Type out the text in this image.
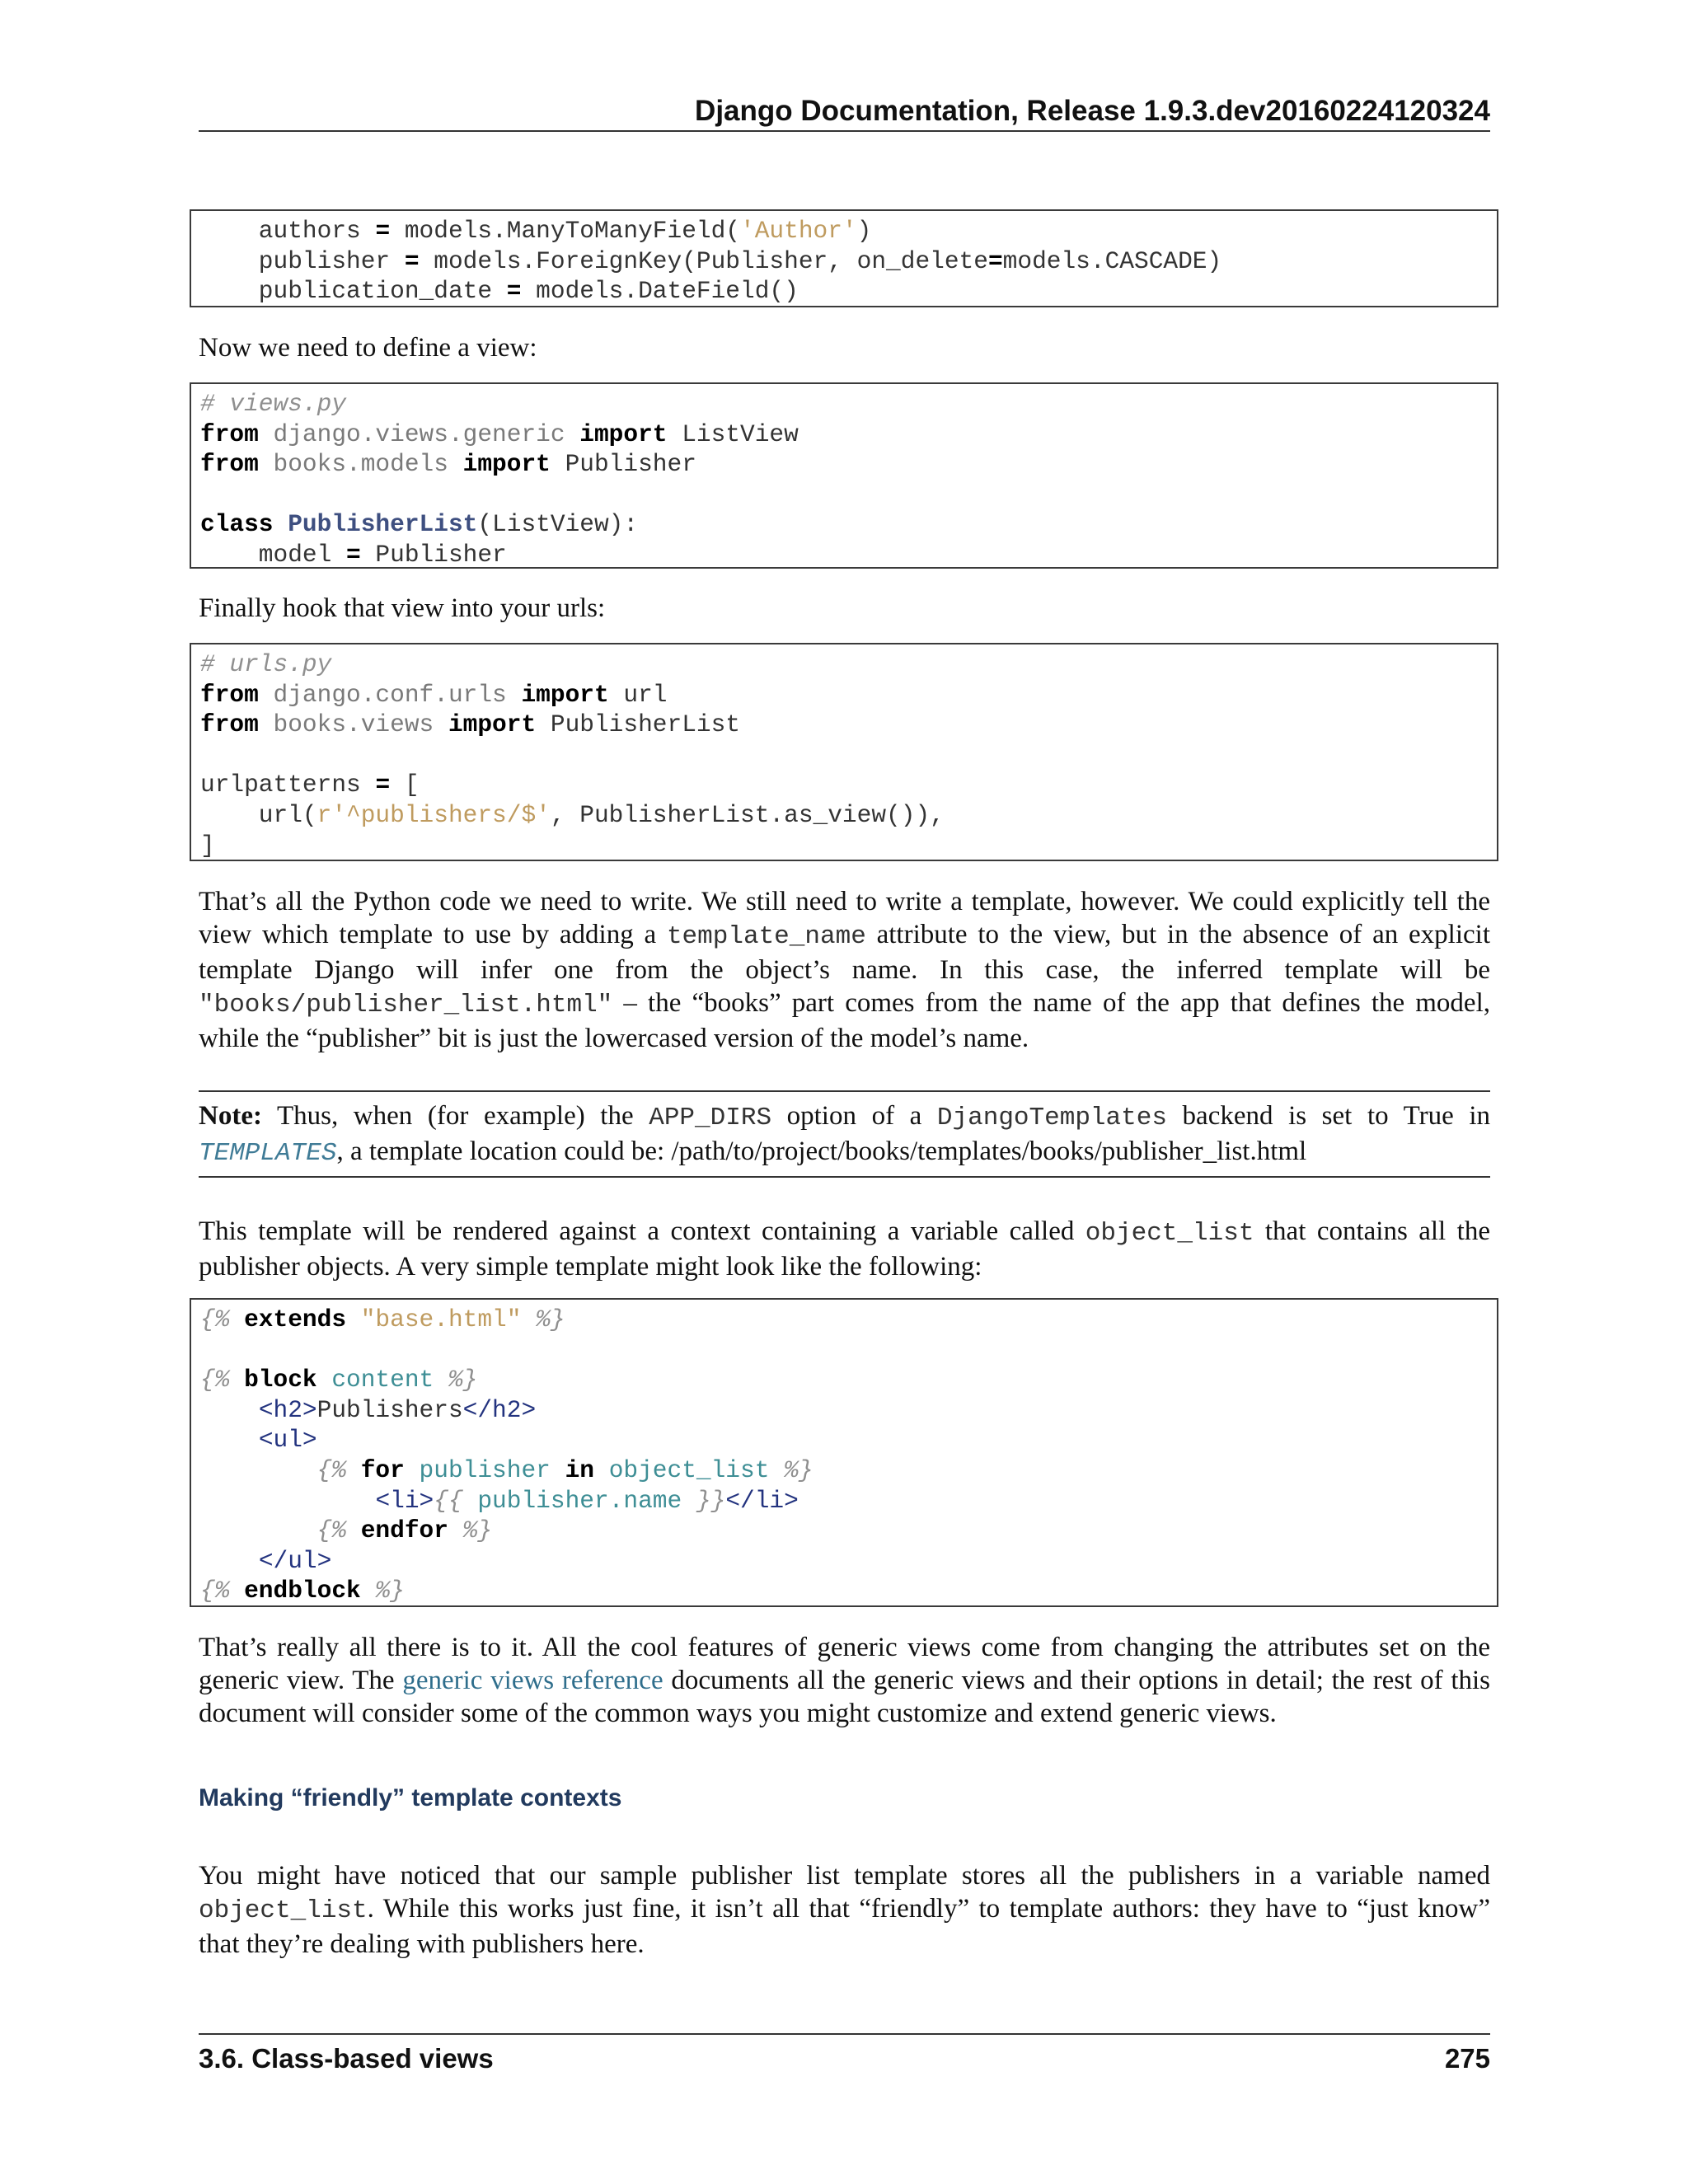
Django Documentation, Release 1.9.3.dev20160224120324
authors = models.ManyToManyField('Author')
publisher = models.ForeignKey(Publisher, on_delete=models.CASCADE)
publication_date = models.DateField()

Now we need to define a view:

# views.py
from django.views.generic import ListView
from books.models import Publisher

class PublisherList(ListView):
model = Publisher

Finally hook that view into your urls:

# urls.py
from django.conf.urls import url
from books.views import PublisherList

urlpatterns = [
url(r'^publishers/$', PublisherList.as_view()),
]

That’s all the Python code we need to write. We still need to write a template, however. We could explicitly tell the view which template to use by adding a template_name attribute to the view, but in the absence of an explicit template Django will infer one from the object’s name. In this case, the inferred template will be "books/publisher_list.html" – the “books” part comes from the name of the app that defines the model, while the “publisher” bit is just the lowercased version of the model’s name.

Note: Thus, when (for example) the APP_DIRS option of a DjangoTemplates backend is set to True in TEMPLATES, a template location could be: /path/to/project/books/templates/books/publisher_list.html

This template will be rendered against a context containing a variable called object_list that contains all the publisher objects. A very simple template might look like the following:

{% extends "base.html" %}

{% block content %}
<h2>Publishers</h2>
<ul>
{% for publisher in object_list %}
<li>{{ publisher.name }}</li>
{% endfor %}
</ul>
{% endblock %}

That’s really all there is to it. All the cool features of generic views come from changing the attributes set on the generic view. The generic views reference documents all the generic views and their options in detail; the rest of this document will consider some of the common ways you might customize and extend generic views.

Making “friendly” template contexts

You might have noticed that our sample publisher list template stores all the publishers in a variable named object_list. While this works just fine, it isn’t all that “friendly” to template authors: they have to “just know” that they’re dealing with publishers here.

3.6. Class-based views	275
